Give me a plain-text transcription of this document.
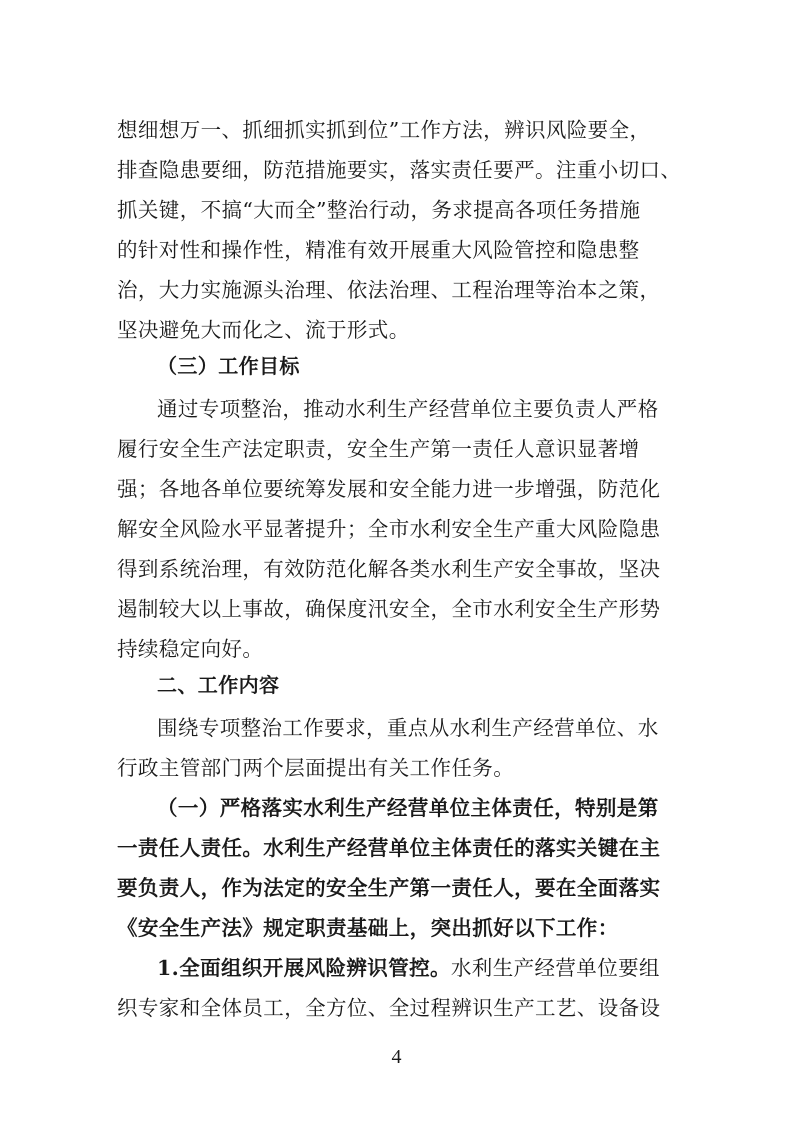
想细想万一、抓细抓实抓到位”工作方法，辨识风险要全，
排查隐患要细，防范措施要实，落实责任要严。注重小切口、
抓关键，不搞“大而全”整治行动，务求提高各项任务措施
的针对性和操作性，精准有效开展重大风险管控和隐患整
治，大力实施源头治理、依法治理、工程治理等治本之策，
坚决避免大而化之、流于形式。
（三）工作目标
通过专项整治，推动水利生产经营单位主要负责人严格
履行安全生产法定职责，安全生产第一责任人意识显著增
强；各地各单位要统筹发展和安全能力进一步增强，防范化
解安全风险水平显著提升；全市水利安全生产重大风险隐患
得到系统治理，有效防范化解各类水利生产安全事故，坚决
遏制较大以上事故，确保度汛安全，全市水利安全生产形势
持续稳定向好。
二、工作内容
围绕专项整治工作要求，重点从水利生产经营单位、水
行政主管部门两个层面提出有关工作任务。
（一）严格落实水利生产经营单位主体责任，特别是第
一责任人责任。水利生产经营单位主体责任的落实关键在主
要负责人，作为法定的安全生产第一责任人，要在全面落实
《安全生产法》规定职责基础上，突出抓好以下工作：
1.全面组织开展风险辨识管控。水利生产经营单位要组
织专家和全体员工，全方位、全过程辨识生产工艺、设备设
4
